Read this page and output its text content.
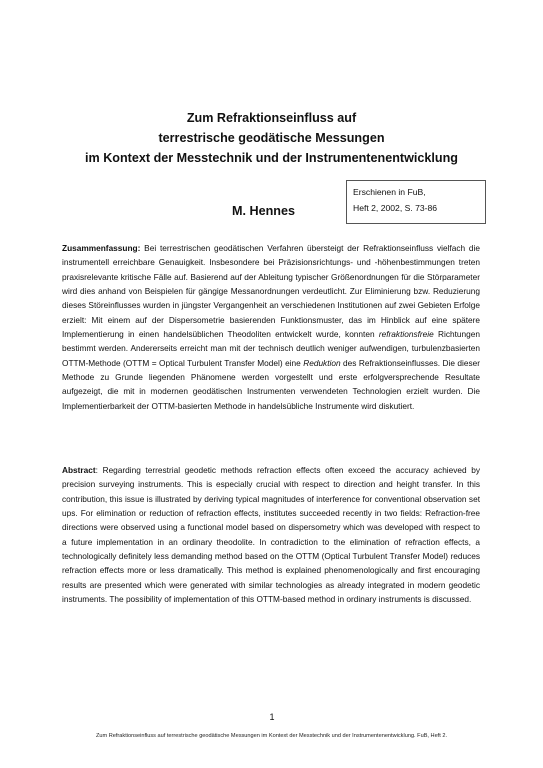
Zum Refraktionseinfluss auf
terrestrische geodätische Messungen
im Kontext der Messtechnik und der Instrumentenentwicklung
Erschienen in FuB,
Heft 2, 2002, S. 73-86
M. Hennes
Zusammenfassung: Bei terrestrischen geodätischen Verfahren übersteigt der Refraktionseinfluss vielfach die instrumentell erreichbare Genauigkeit. Insbesondere bei Präzisionsrichtungs- und -höhenbestimmungen treten praxisrelevante kritische Fälle auf. Basierend auf der Ableitung typischer Größenordnungen für die Störparameter wird dies anhand von Beispielen für gängige Messanordnungen verdeutlicht. Zur Eliminierung bzw. Reduzierung dieses Störeinflusses wurden in jüngster Vergangenheit an verschiedenen Institutionen auf zwei Gebieten Erfolge erzielt: Mit einem auf der Dispersometrie basierenden Funktionsmuster, das im Hinblick auf eine spätere Implementierung in einen handelsüblichen Theodoliten entwickelt wurde, konnten refraktionsfreie Richtungen bestimmt werden. Andererseits erreicht man mit der technisch deutlich weniger aufwendigen, turbulenzbasierten OTTM-Methode (OTTM = Optical Turbulent Transfer Model) eine Reduktion des Refraktionseinflusses. Die dieser Methode zu Grunde liegenden Phänomene werden vorgestellt und erste erfolgversprechende Resultate aufgezeigt, die mit in modernen geodätischen Instrumenten verwendeten Technologien erzielt wurden. Die Implementierbarkeit der OTTM-basierten Methode in handelsübliche Instrumente wird diskutiert.
Abstract: Regarding terrestrial geodetic methods refraction effects often exceed the accuracy achieved by precision surveying instruments. This is especially crucial with respect to direction and height transfer. In this contribution, this issue is illustrated by deriving typical magnitudes of interference for conventional observation set ups. For elimination or reduction of refraction effects, institutes succeeded recently in two fields: Refraction-free directions were observed using a functional model based on dispersometry which was developed with respect to a future implementation in an ordinary theodolite. In contradiction to the elimination of refraction effects, a technologically definitely less demanding method based on the OTTM (Optical Turbulent Transfer Model) reduces refraction effects more or less dramatically. This method is explained phenomenologically and first encouraging results are presented which were generated with similar technologies as already integrated in modern geodetic instruments. The possibility of implementation of this OTTM-based method in ordinary instruments is discussed.
1
Zum Refraktionseinfluss auf terrestrische geodätische Messungen im Kontext der Messtechnik und der Instrumentenentwicklung. FuB, Heft 2.
